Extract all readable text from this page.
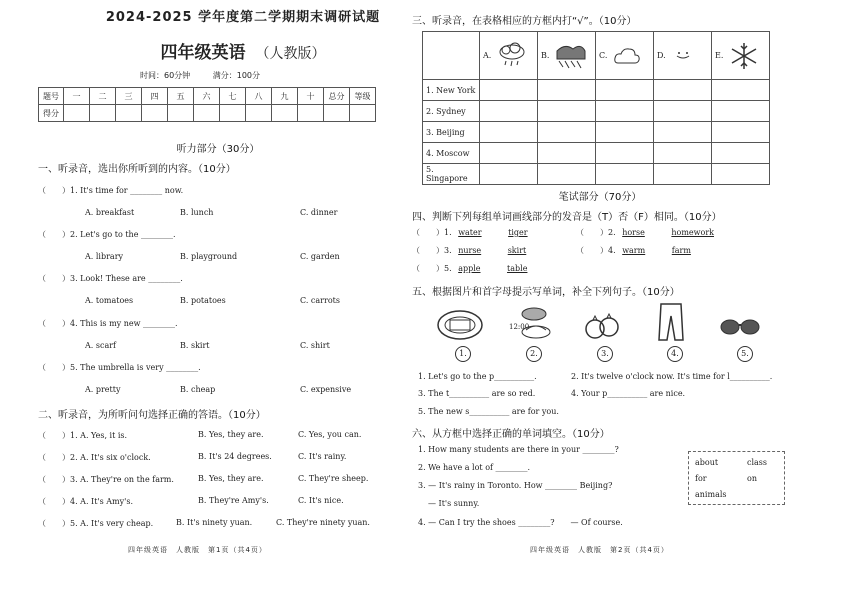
2024-2025 学年度第二学期期末调研试题
四年级英语 （人教版）
时间：60分钟	满分：100分
题号	一	二	三	四	五	六	七	八	九	十	总分	等级
得分												
听力部分（30分）
一、听录音，选出你所听到的内容。（10分）
（　　）1. It's time for ________ now.
A. breakfast	B. lunch	C. dinner
（　　）2. Let's go to the ________.
A. library	B. playground	C. garden
（　　）3. Look! These are ________.
A. tomatoes	B. potatoes	C. carrots
（　　）4. This is my new ________.
A. scarf	B. skirt	C. shirt
（　　）5. The umbrella is very ________.
A. pretty	B. cheap	C. expensive
二、听录音，为所听问句选择正确的答语。（10分）
（　　）1. A. Yes, it is.	B. Yes, they are.	C. Yes, you can.
（　　）2. A. It's six o'clock.	B. It's 24 degrees.	C. It's rainy.
（　　）3. A. They're on the farm.	B. Yes, they are.	C. They're sheep.
（　　）4. A. It's Amy's.	B. They're Amy's.	C. It's nice.
（　　）5. A. It's very cheap.	B. It's ninety yuan.	C. They're ninety yuan.
四年级英语　人教版　第1页（共4页）
三、听录音，在表格相应的方框内打“√”。（10分）
	A.	B.	C.	D.	E.
1. New York					
2. Sydney					
3. Beijing					
4. Moscow					
5. Singapore					
笔试部分（70分）
四、判断下列每组单词画线部分的发音是（T）否（F）相同。（10分）
（　　）1. water	tiger	（　　）2. horse	homework
（　　）3. nurse	skirt	（　　）4. warm	farm
（　　）5. apple	table
五、根据图片和首字母提示写单词，补全下列句子。（10分）
1.
12:00
2.	3.	4.	5.
1. Let's go to the p__________.	2. It's twelve o'clock now. It's time for l__________.
3. The t__________ are so red.	4. Your p__________ are nice.
5. The new s__________ are for you.
六、从方框中选择正确的单词填空。（10分）
1. How many students are there in your ________?
2. We have a lot of ________.
3. — It's rainy in Toronto. How ________ Beijing?
— It's sunny.
4. — Can I try the shoes ________?　　— Of course.
about	class
for	on
animals
四年级英语　人教版　第2页（共4页）
